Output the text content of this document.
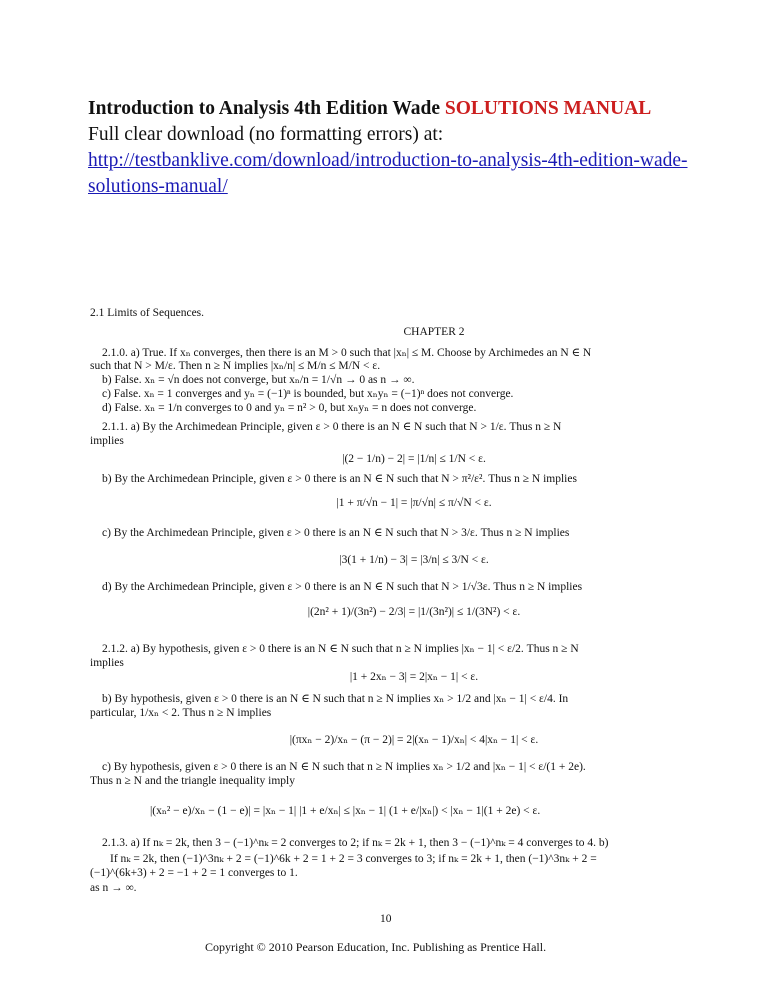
Introduction to Analysis 4th Edition Wade SOLUTIONS MANUAL
Full clear download (no formatting errors) at:
http://testbanklive.com/download/introduction-to-analysis-4th-edition-wade-
solutions-manual/
2.1 Limits of Sequences.
CHAPTER 2
2.1.0. a) True. If xₙ converges, then there is an M > 0 such that |xₙ| ≤ M. Choose by Archimedes an N ∈ N
such that N > M/ε. Then n ≥ N implies |xₙ/n| ≤ M/n ≤ M/N < ε.
b) False. xₙ = √n does not converge, but xₙ/n = 1/√n → 0 as n → ∞.
c) False. xₙ = 1 converges and yₙ = (−1)ⁿ is bounded, but xₙyₙ = (−1)ⁿ does not converge.
d) False. xₙ = 1/n converges to 0 and yₙ = n² > 0, but xₙyₙ = n does not converge.
2.1.1. a) By the Archimedean Principle, given ε > 0 there is an N ∈ N such that N > 1/ε. Thus n ≥ N
implies
|(2 − 1/n) − 2| = |1/n| ≤ 1/N < ε.
b) By the Archimedean Principle, given ε > 0 there is an N ∈ N such that N > π²/ε². Thus n ≥ N implies
|1 + π/√n − 1| = |π/√n| ≤ π/√N < ε.
c) By the Archimedean Principle, given ε > 0 there is an N ∈ N such that N > 3/ε. Thus n ≥ N implies
|3(1 + 1/n) − 3| = |3/n| ≤ 3/N < ε.
d) By the Archimedean Principle, given ε > 0 there is an N ∈ N such that N > 1/√3ε. Thus n ≥ N implies
|(2n² + 1)/(3n²) − 2/3| = |1/(3n²)| ≤ 1/(3N²) < ε.
2.1.2. a) By hypothesis, given ε > 0 there is an N ∈ N such that n ≥ N implies |xₙ − 1| < ε/2. Thus n ≥ N
implies
|1 + 2xₙ − 3| = 2|xₙ − 1| < ε.
b) By hypothesis, given ε > 0 there is an N ∈ N such that n ≥ N implies xₙ > 1/2 and |xₙ − 1| < ε/4. In
particular, 1/xₙ < 2. Thus n ≥ N implies
|(πxₙ − 2)/xₙ − (π − 2)| = 2|(xₙ − 1)/xₙ| < 4|xₙ − 1| < ε.
c) By hypothesis, given ε > 0 there is an N ∈ N such that n ≥ N implies xₙ > 1/2 and |xₙ − 1| < ε/(1 + 2e).
Thus n ≥ N and the triangle inequality imply
|(xₙ² − e)/xₙ − (1 − e)| = |xₙ − 1| |1 + e/xₙ| ≤ |xₙ − 1| (1 + e/|xₙ|) < |xₙ − 1|(1 + 2e) < ε.
2.1.3. a) If nₖ = 2k, then 3 − (−1)^nₖ = 2 converges to 2; if nₖ = 2k + 1, then 3 − (−1)^nₖ = 4 converges to 4. b)
If nₖ = 2k, then (−1)^3nₖ + 2 = (−1)^6k + 2 = 1 + 2 = 3 converges to 3; if nₖ = 2k + 1, then (−1)^3nₖ + 2 =
(−1)^(6k+3) + 2 = −1 + 2 = 1 converges to 1.
as n → ∞.
10
Copyright © 2010 Pearson Education, Inc. Publishing as Prentice Hall.
